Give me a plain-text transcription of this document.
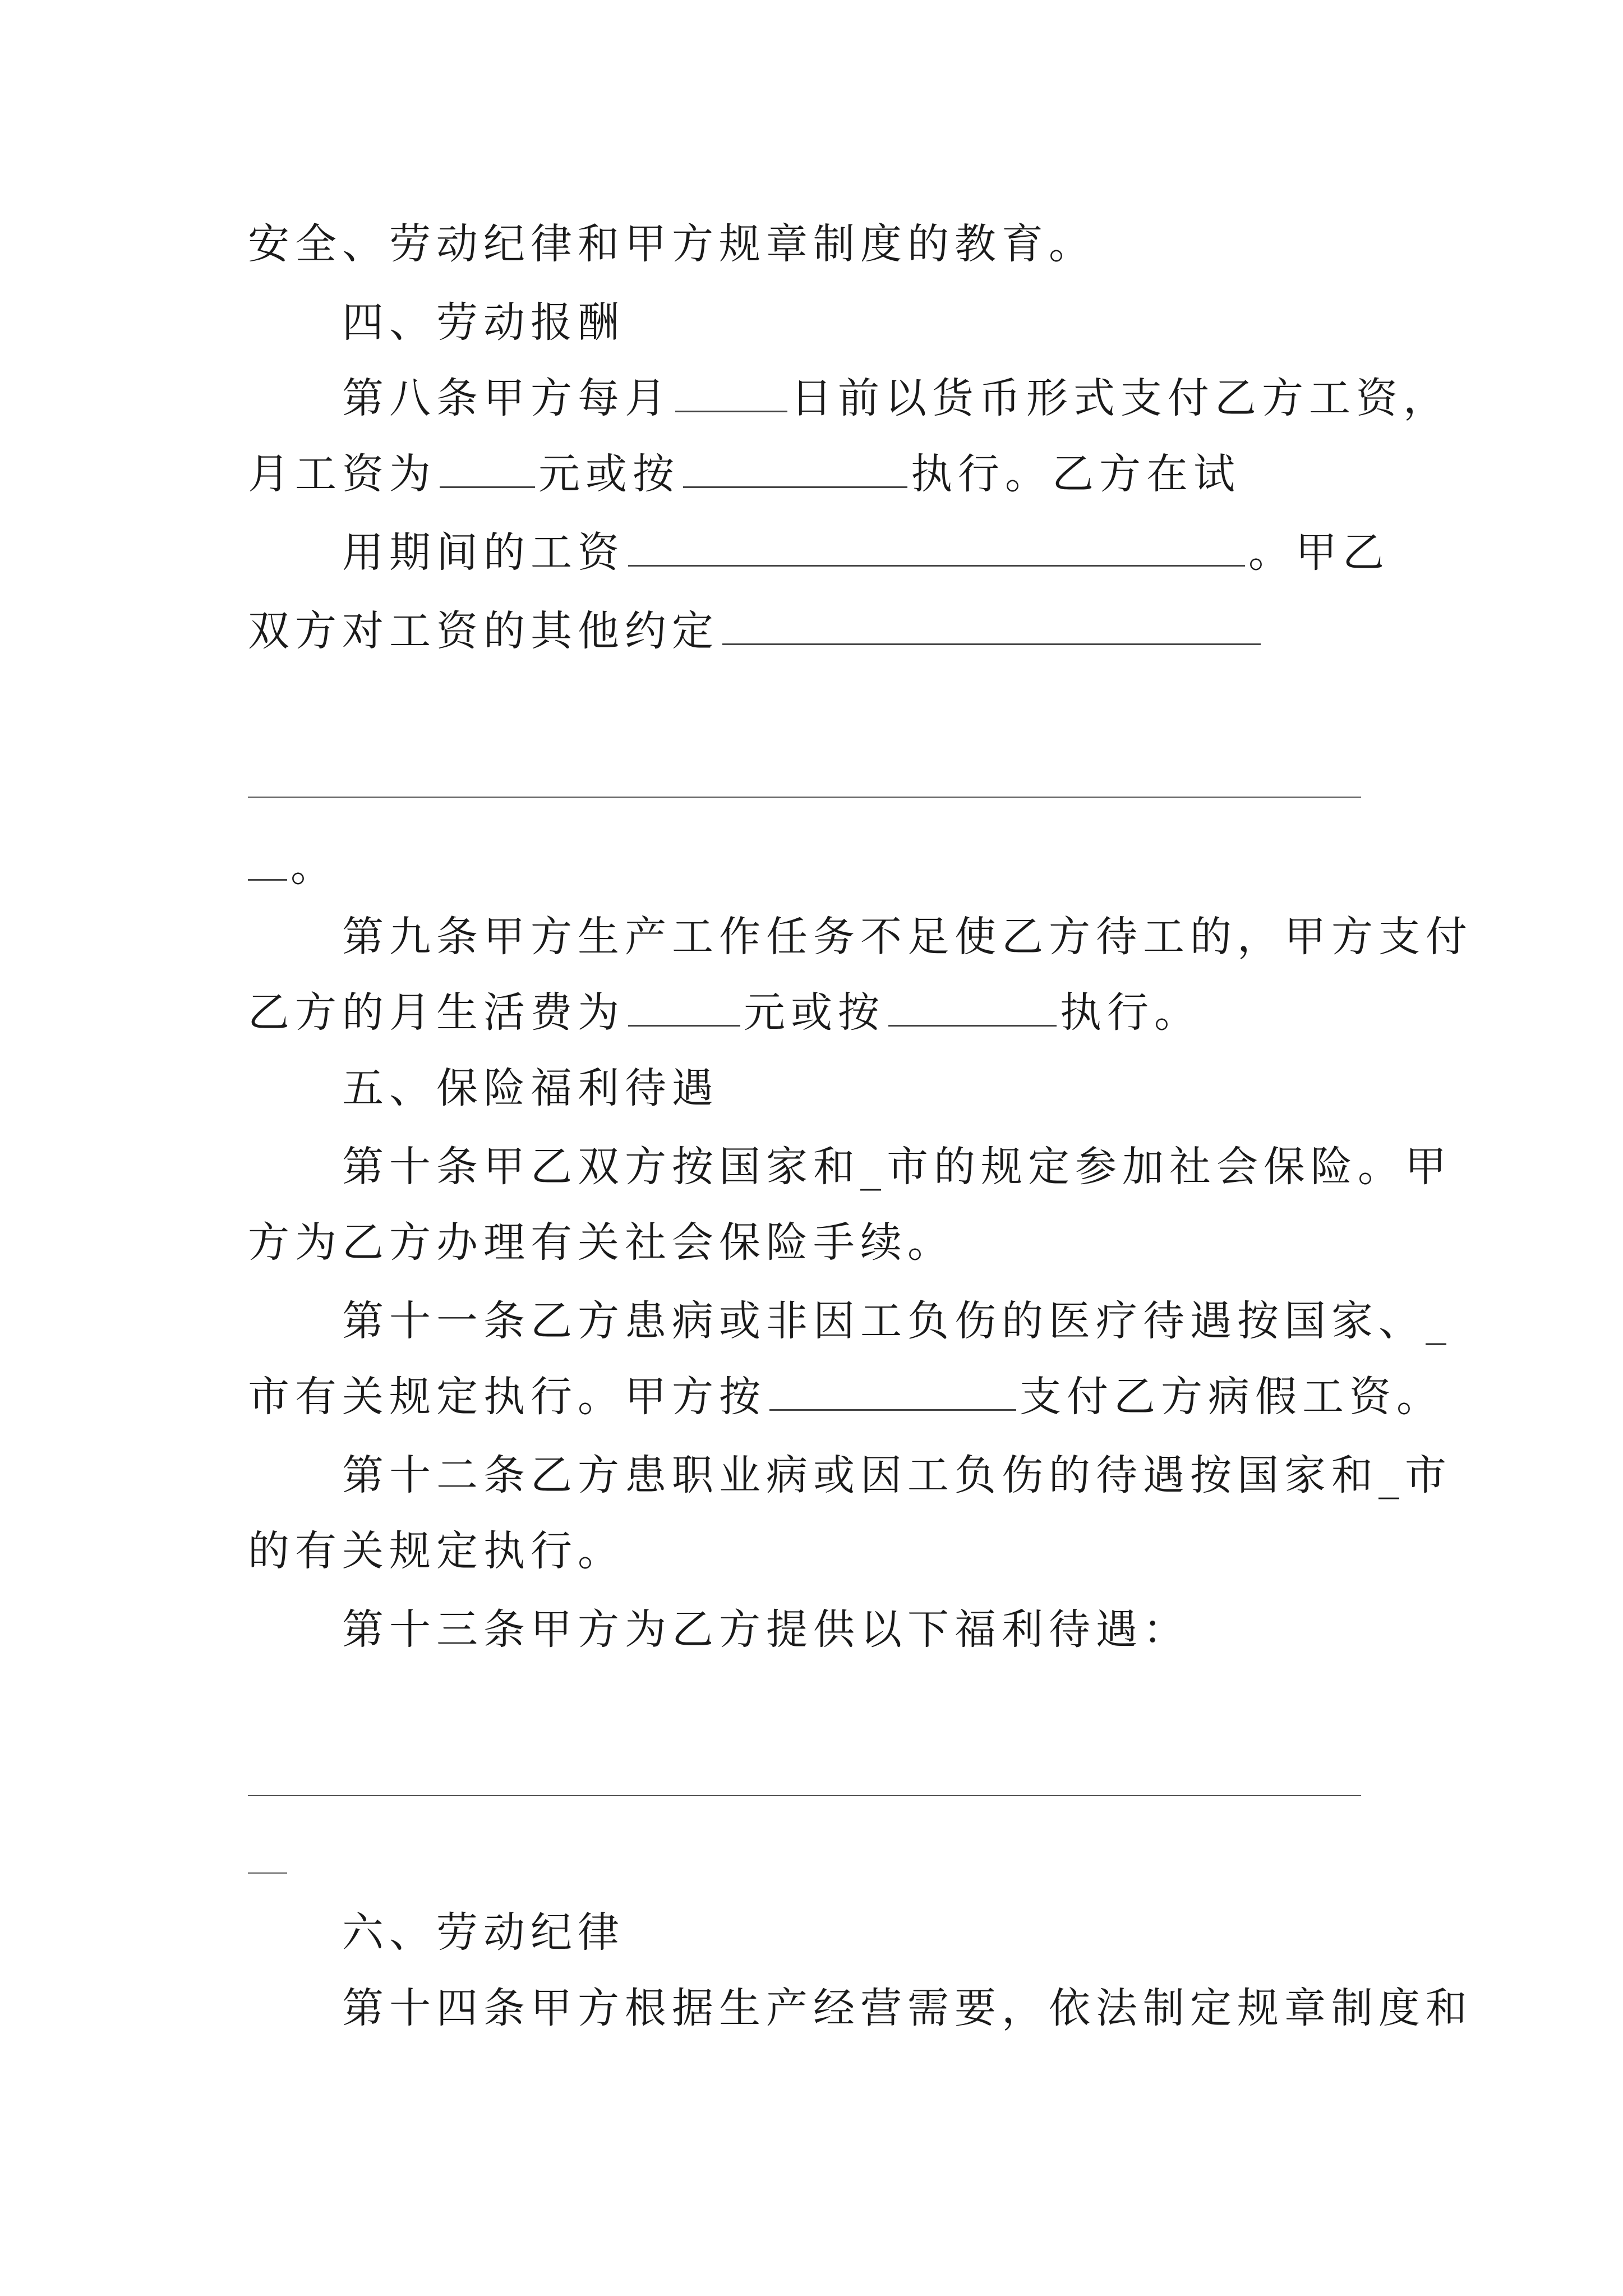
安全、劳动纪律和甲方规章制度的教育。
四、劳动报酬
第八条甲方每月	日前以货币形式支付乙方工资，
月工资为 元或按	执行。乙方在试
用期间的工资	。甲乙
双方对工资的其他约定
。
第九条甲方生产工作任务不足使乙方待工的，甲方支付
乙方的月生活费为	元或按	执行。
五、保险福利待遇
第十条甲乙双方按国家和_市的规定参加社会保险。甲
方为乙方办理有关社会保险手续。
第十一条乙方患病或非因工负伤的医疗待遇按国家、_
市有关规定执行。甲方按	支付乙方病假工资。
第十二条乙方患职业病或因工负伤的待遇按国家和_市
的有关规定执行。
第十三条甲方为乙方提供以下福利待遇：
六、劳动纪律
第十四条甲方根据生产经营需要，依法制定规章制度和
